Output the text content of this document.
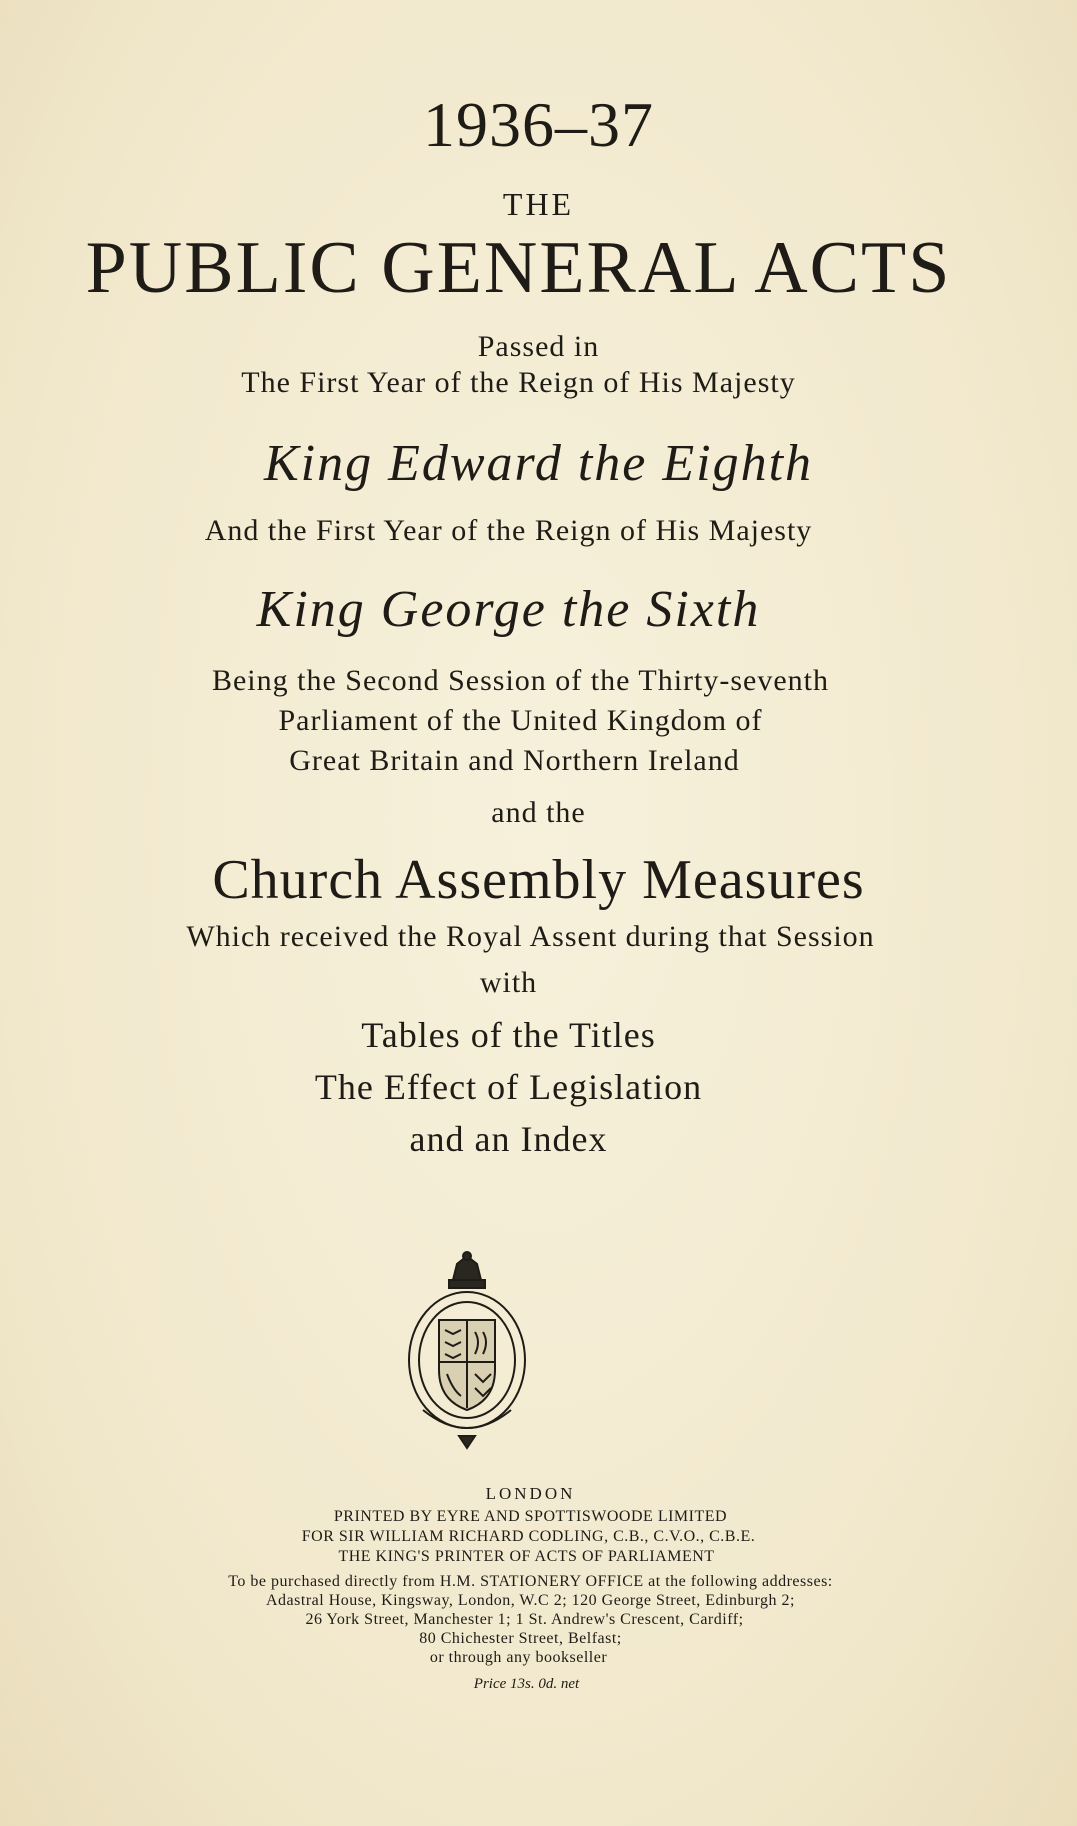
1936–37
THE
PUBLIC GENERAL ACTS
Passed in
The First Year of the Reign of His Majesty
King Edward the Eighth
And the First Year of the Reign of His Majesty
King George the Sixth
Being the Second Session of the Thirty-seventh
Parliament of the United Kingdom of
Great Britain and Northern Ireland
and the
Church Assembly Measures
Which received the Royal Assent during that Session
with
Tables of the Titles
The Effect of Legislation
and an Index
LONDON
PRINTED BY EYRE AND SPOTTISWOODE LIMITED
FOR SIR WILLIAM RICHARD CODLING, C.B., C.V.O., C.B.E.
THE KING'S PRINTER OF ACTS OF PARLIAMENT
To be purchased directly from H.M. STATIONERY OFFICE at the following addresses:
Adastral House, Kingsway, London, W.C 2; 120 George Street, Edinburgh 2;
26 York Street, Manchester 1; 1 St. Andrew's Crescent, Cardiff;
80 Chichester Street, Belfast;
or through any bookseller
Price 13s. 0d. net
